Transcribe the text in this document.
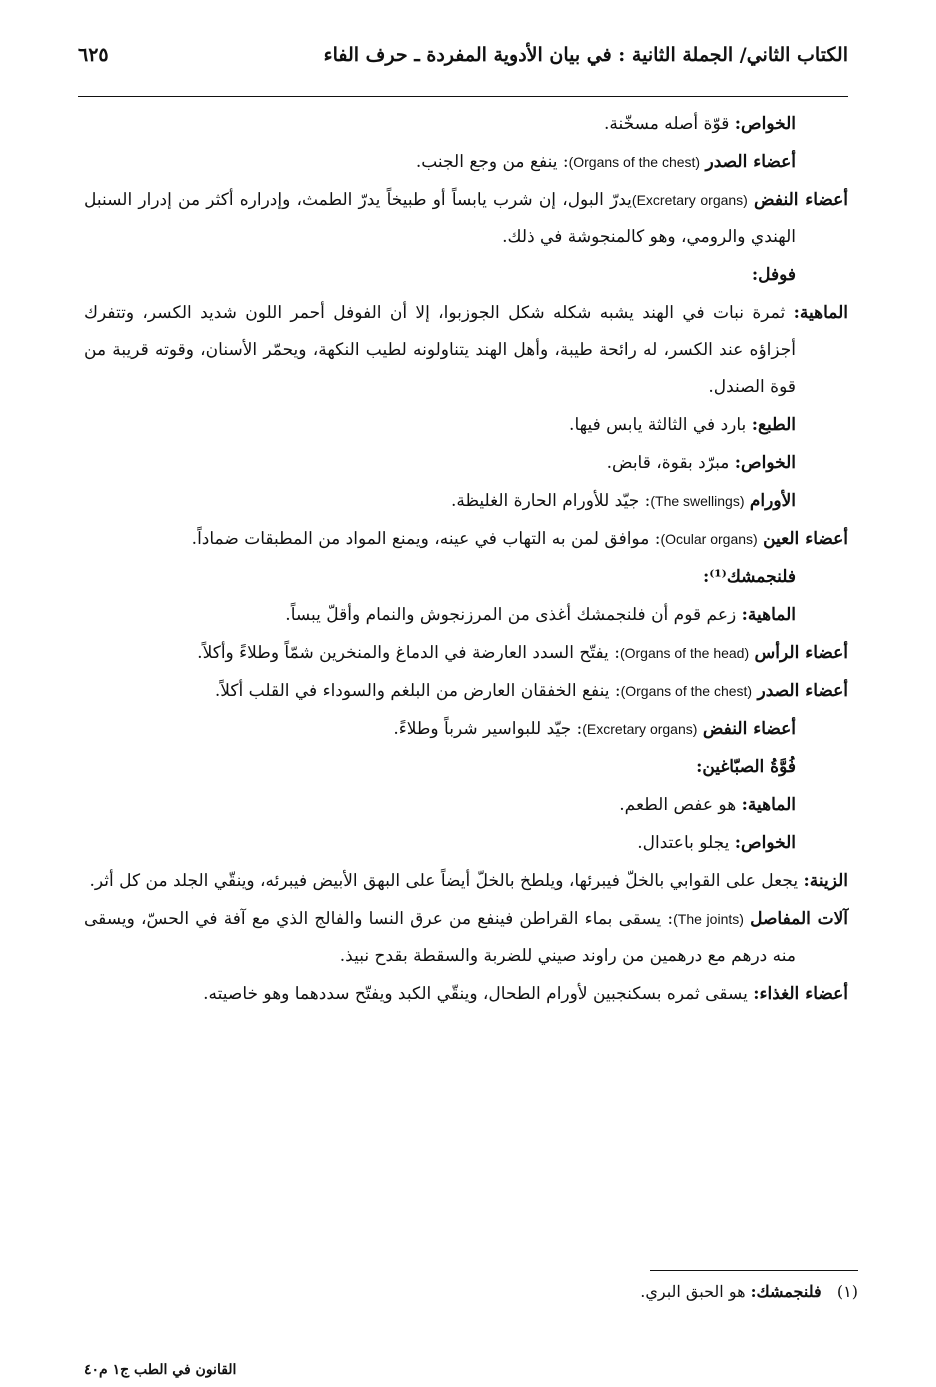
الكتاب الثاني/ الجملة الثانية : في بيان الأدوية المفردة ـ حرف الفاء
٦٢٥

الخواص: قوّة أصله مسخّنة.

أعضاء الصدر (Organs of the chest): ينفع من وجع الجنب.

أعضاء النفض (Excretary organs)يدرّ البول، إن شرب يابساً أو طبيخاً يدرّ الطمث، وإدراره أكثر من إدرار السنبل الهندي والرومي، وهو كالمنجوشة في ذلك.

فوفل:

الماهية: ثمرة نبات في الهند يشبه شكله شكل الجوزبوا، إلا أن الفوفل أحمر اللون شديد الكسر، وتتفرك أجزاؤه عند الكسر، له رائحة طيبة، وأهل الهند يتناولونه لطيب النكهة، ويحمّر الأسنان، وقوته قريبة من قوة الصندل.

الطبع: بارد في الثالثة يابس فيها.

الخواص: مبرّد بقوة، قابض.

الأورام (The swellings): جيّد للأورام الحارة الغليظة.

أعضاء العين (Ocular organs): موافق لمن به التهاب في عينه، ويمنع المواد من المطبقات ضماداً.

فلنجمشك⁽¹⁾:

الماهية: زعم قوم أن فلنجمشك أغذى من المرزنجوش والنمام وأقلّ يبساً.

أعضاء الرأس (Organs of the head): يفتّح السدد العارضة في الدماغ والمنخرين شمّاً وطلاءً وأكلاً.

أعضاء الصدر (Organs of the chest): ينفع الخفقان العارض من البلغم والسوداء في القلب أكلاً.

أعضاء النفض (Excretary organs): جيّد للبواسير شرباً وطلاءً.

فُوَّةُ الصبّاغين:

الماهية: هو عفص الطعم.

الخواص: يجلو باعتدال.

الزينة: يجعل على القوابي بالخلّ فيبرئها، ويلطخ بالخلّ أيضاً على البهق الأبيض فيبرئه، وينقّي الجلد من كل أثر.

آلات المفاصل (The joints): يسقى بماء القراطن فينفع من عرق النسا والفالج الذي مع آفة في الحسّ، ويسقى منه درهم مع درهمين من راوند صيني للضربة والسقطة بقدح نبيذ.

أعضاء الغذاء: يسقى ثمره بسكنجبين لأورام الطحال، وينقّي الكبد ويفتّح سددهما وهو خاصيته.

(١)   فلنجمشك: هو الحبق البري.
القانون في الطب ج١ م٤٠
